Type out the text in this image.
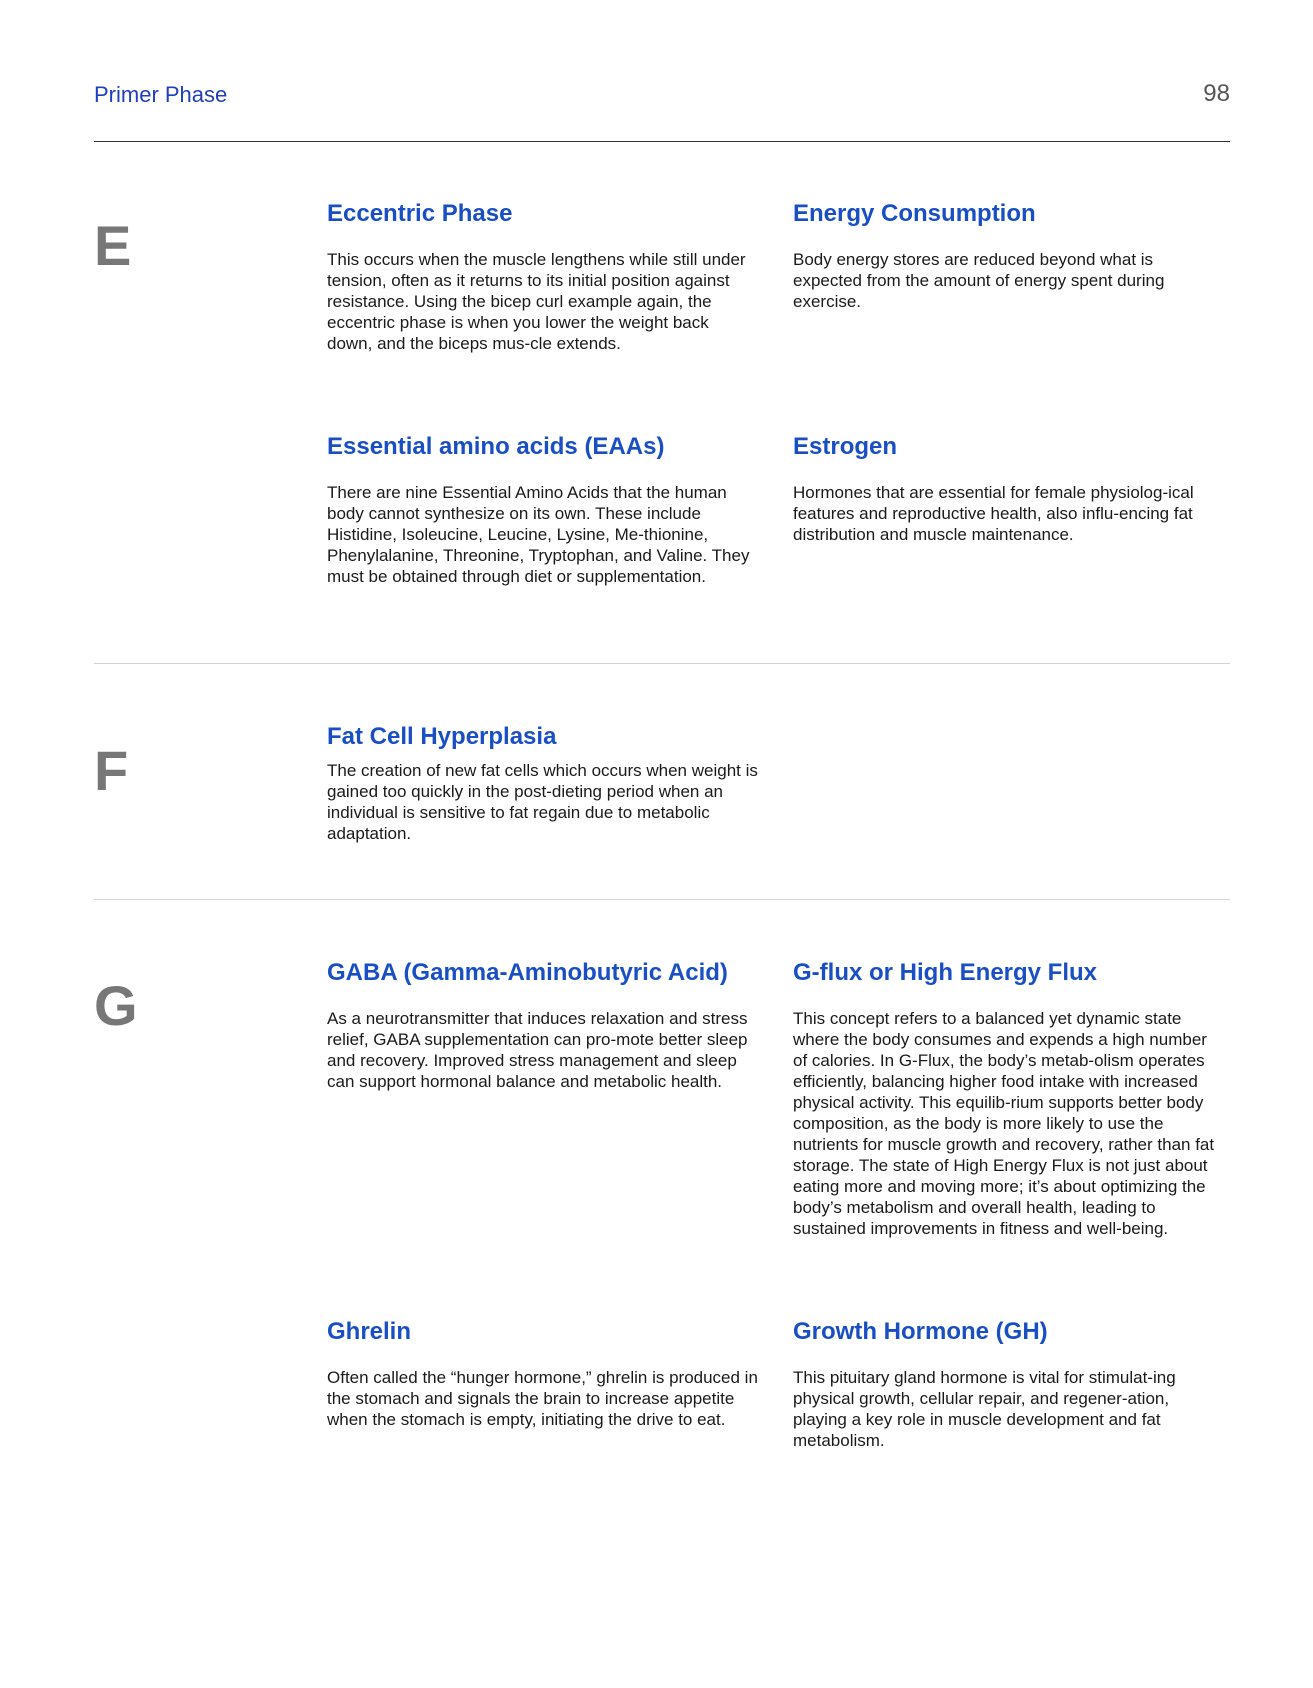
Primer Phase	98
E
Eccentric Phase

This occurs when the muscle lengthens while still under tension, often as it returns to its initial position against resistance. Using the bicep curl example again, the eccentric phase is when you lower the weight back down, and the biceps mus-cle extends.

Energy Consumption

Body energy stores are reduced beyond what is expected from the amount of energy spent during exercise.

Essential amino acids (EAAs)

There are nine Essential Amino Acids that the human body cannot synthesize on its own. These include Histidine, Isoleucine, Leucine, Lysine, Me-thionine, Phenylalanine, Threonine, Tryptophan, and Valine. They must be obtained through diet or supplementation.

Estrogen

Hormones that are essential for female physiolog-ical features and reproductive health, also influ-encing fat distribution and muscle maintenance.

F
Fat Cell Hyperplasia

The creation of new fat cells which occurs when weight is gained too quickly in the post-dieting period when an individual is sensitive to fat regain due to metabolic adaptation.

G
GABA (Gamma-Aminobutyric Acid)

As a neurotransmitter that induces relaxation and stress relief, GABA supplementation can pro-mote better sleep and recovery. Improved stress management and sleep can support hormonal balance and metabolic health.

G-flux or High Energy Flux

This concept refers to a balanced yet dynamic state where the body consumes and expends a high number of calories. In G-Flux, the body’s metab-olism operates efficiently, balancing higher food intake with increased physical activity. This equilib-rium supports better body composition, as the body is more likely to use the nutrients for muscle growth and recovery, rather than fat storage. The state of High Energy Flux is not just about eating more and moving more; it’s about optimizing the body’s metabolism and overall health, leading to sustained improvements in fitness and well-being.

Ghrelin

Often called the “hunger hormone,” ghrelin is produced in the stomach and signals the brain to increase appetite when the stomach is empty, initiating the drive to eat.

Growth Hormone (GH)

This pituitary gland hormone is vital for stimulat-ing physical growth, cellular repair, and regener-ation, playing a key role in muscle development and fat metabolism.
